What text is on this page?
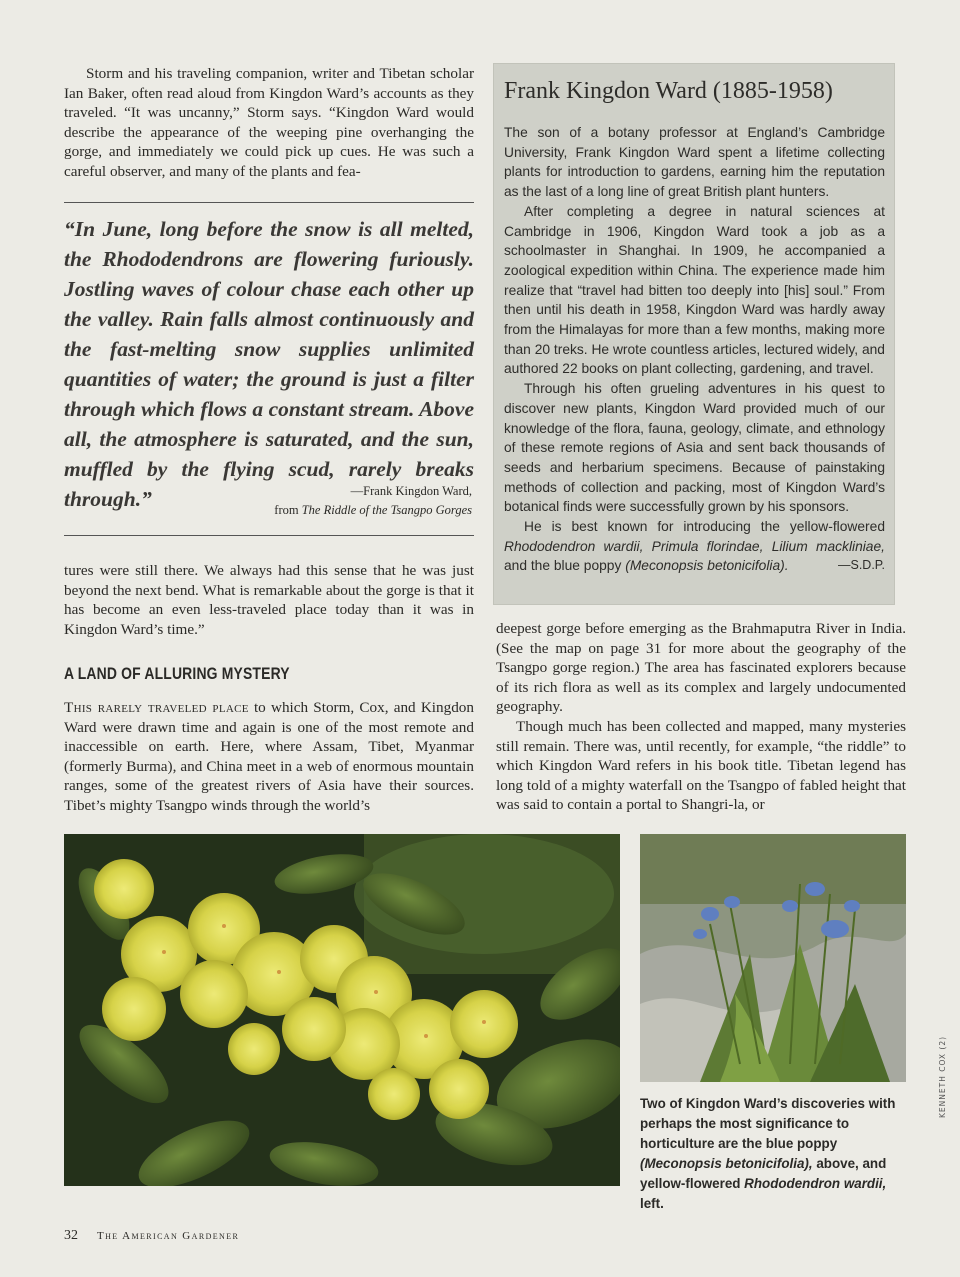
Storm and his traveling companion, writer and Tibetan scholar Ian Baker, often read aloud from Kingdon Ward’s accounts as they traveled. “It was uncanny,” Storm says. “Kingdon Ward would describe the appearance of the weeping pine overhanging the gorge, and immediately we could pick up cues. He was such a careful observer, and many of the plants and fea-
“In June, long before the snow is all melted, the Rhododendrons are flowering furiously. Jostling waves of colour chase each other up the valley. Rain falls almost continuously and the fast-melting snow supplies unlimited quantities of water; the ground is just a filter through which flows a constant stream. Above all, the atmosphere is saturated, and the sun, muffled by the flying scud, rarely breaks through.”	—Frank Kingdon Ward,
from The Riddle of the Tsangpo Gorges
tures were still there. We always had this sense that he was just beyond the next bend. What is remarkable about the gorge is that it has become an even less-traveled place today than it was in Kingdon Ward’s time.”
A LAND OF ALLURING MYSTERY
This rarely traveled place to which Storm, Cox, and Kingdon Ward were drawn time and again is one of the most remote and inaccessible on earth. Here, where Assam, Tibet, Myanmar (formerly Burma), and China meet in a web of enormous mountain ranges, some of the greatest rivers of Asia have their sources. Tibet’s mighty Tsangpo winds through the world’s
Frank Kingdon Ward (1885-1958)

The son of a botany professor at England’s Cambridge University, Frank Kingdon Ward spent a lifetime collecting plants for introduction to gardens, earning him the reputation as the last of a long line of great British plant hunters.

After completing a degree in natural sciences at Cambridge in 1906, Kingdon Ward took a job as a schoolmaster in Shanghai. In 1909, he accompanied a zoological expedition within China. The experience made him realize that “travel had bitten too deeply into [his] soul.” From then until his death in 1958, Kingdon Ward was hardly away from the Himalayas for more than a few months, making more than 20 treks. He wrote countless articles, lectured widely, and authored 22 books on plant collecting, gardening, and travel.

Through his often grueling adventures in his quest to discover new plants, Kingdon Ward provided much of our knowledge of the flora, fauna, geology, climate, and ethnology of these remote regions of Asia and sent back thousands of seeds and herbarium specimens. Because of painstaking methods of collection and packing, most of Kingdon Ward’s botanical finds were successfully grown by his sponsors.

He is best known for introducing the yellow-flowered Rhododendron wardii, Primula florindae, Lilium mackliniae, and the blue poppy (Meconopsis betonicifolia).	—S.D.P.

deepest gorge before emerging as the Brahmaputra River in India. (See the map on page 31 for more about the geography of the Tsangpo gorge region.) The area has fascinated explorers because of its rich flora as well as its complex and largely undocumented geography.
Though much has been collected and mapped, many mysteries still remain. There was, until recently, for example, “the riddle” to which Kingdon Ward refers in his book title. Tibetan legend has long told of a mighty waterfall on the Tsangpo of fabled height that was said to contain a portal to Shangri-la, or
Two of Kingdon Ward’s discoveries with perhaps the most significance to horticulture are the blue poppy (Meconopsis betonicifolia), above, and yellow-flowered Rhododendron wardii, left.
KENNETH COX (2)
32 The American Gardener
